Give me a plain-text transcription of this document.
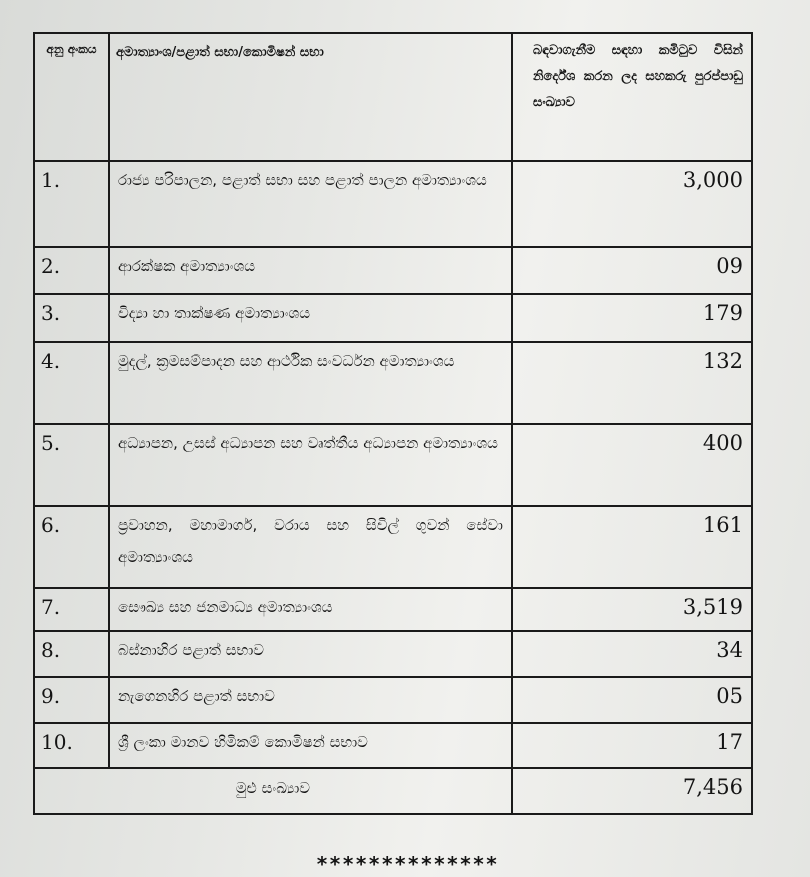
අනු අංකය	අමාත්‍යාංශ/පළාත් සභා/කොමිෂන් සභා	බඳවාගැනීම සඳහා කමිටුව විසින් නිර්දේශ කරන ලද සහකරු පුරප්පාඩු සංඛ්‍යාව
1.	රාජ්‍ය පරිපාලන, පළාත් සභා සහ පළාත් පාලන අමාත්‍යාංශය	3,000
2.	ආරක්ෂක අමාත්‍යාංශය	09
3.	විද්‍යා හා තාක්ෂණ අමාත්‍යාංශය	179
4.	මුදල්, ක්‍රමසම්පාදන සහ ආර්ථික සංවර්ධන අමාත්‍යාංශය	132
5.	අධ්‍යාපන, උසස් අධ්‍යාපන සහ වෘත්තීය අධ්‍යාපන අමාත්‍යාංශය	400
6.	ප්‍රවාහන, මහාමාර්ග, වරාය සහ සිවිල් ගුවන් සේවා අමාත්‍යාංශය	161
7.	සෞඛ්‍ය සහ ජනමාධ්‍ය අමාත්‍යාංශය	3,519
8.	බස්නාහිර පළාත් සභාව	34
9.	නැගෙනහිර පළාත් සභාව	05
10.	ශ්‍රී ලංකා මානව හිමිකම් කොමිෂන් සභාව	17
මුළු සංඛ්‍යාව		7,456
**************
